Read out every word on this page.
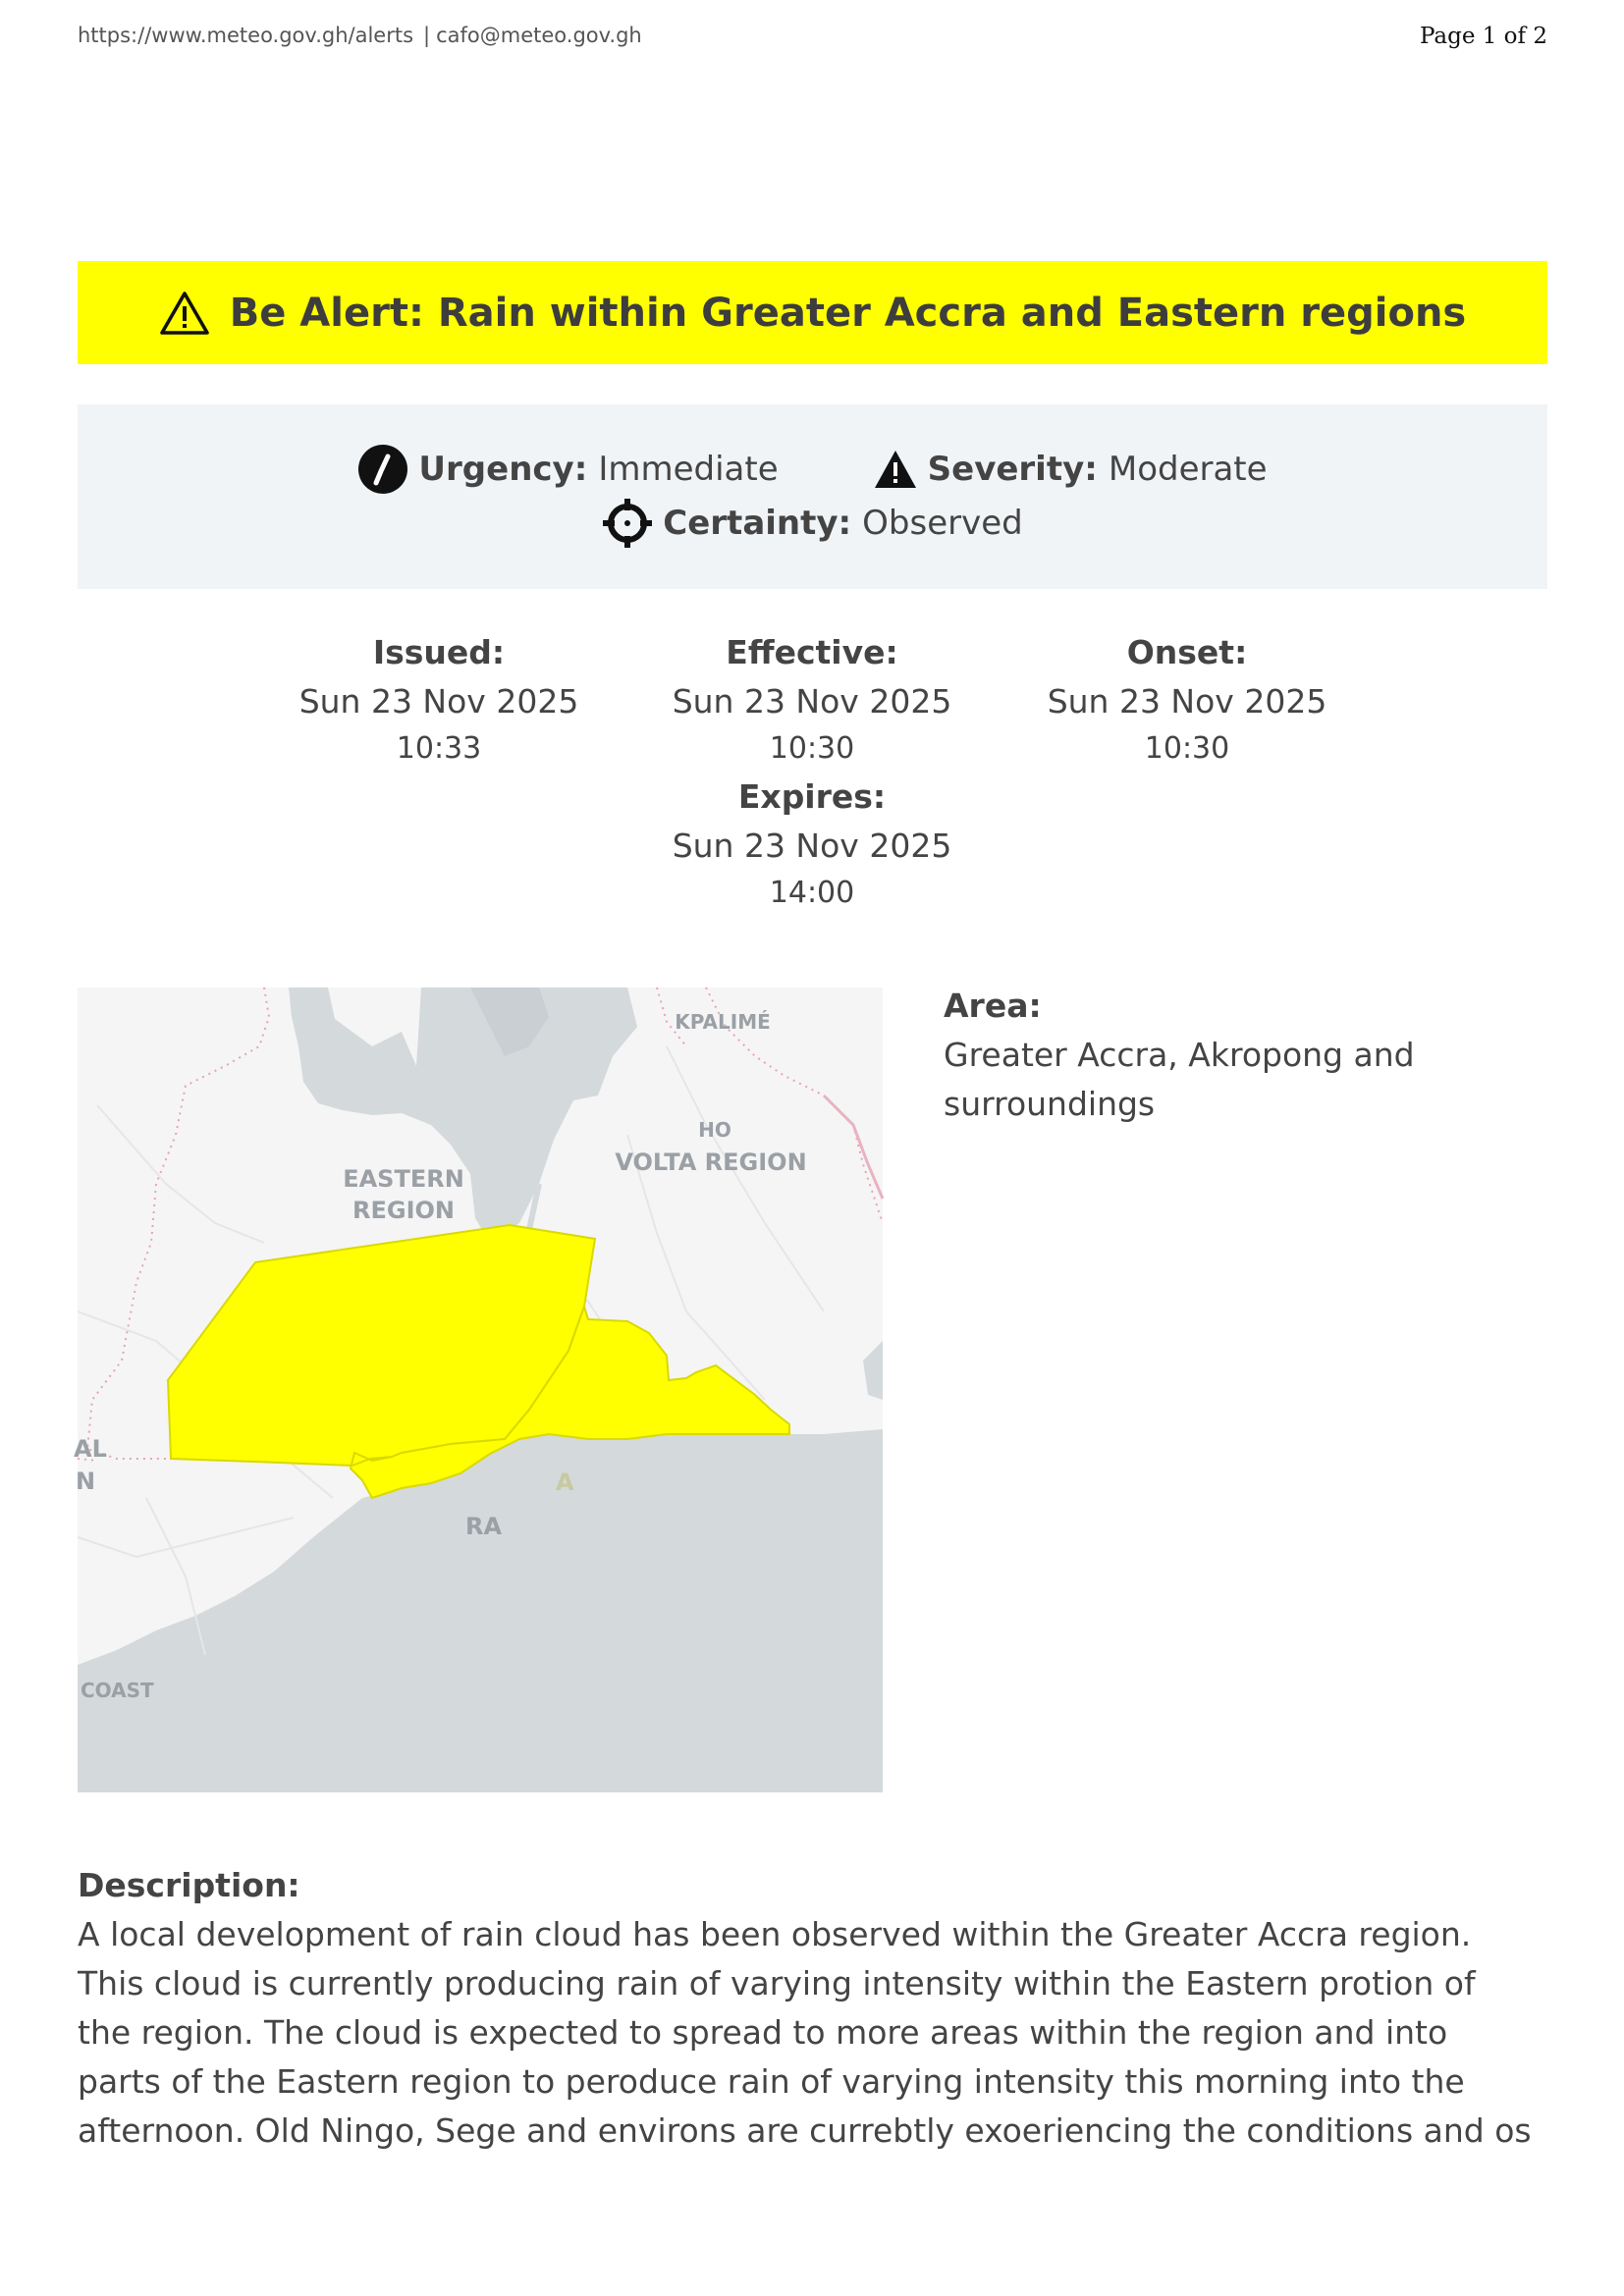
https://www.meteo.gov.gh/alerts | cafo@meteo.gov.gh	Page 1 of 2
Be Alert: Rain within Greater Accra and Eastern regions
Urgency: Immediate	Severity: Moderate
Certainty: Observed
Issued:
Sun 23 Nov 2025
10:33
Effective:
Sun 23 Nov 2025
10:30
Onset:
Sun 23 Nov 2025
10:30
Expires:
Sun 23 Nov 2025
14:00
KPALIMÉ
HO
VOLTA REGION
EASTERN
REGION
AL
N	A
RA
COAST
Area:
Greater Accra, Akropong and
surroundings
Description:

A local development of rain cloud has been observed within the Greater Accra region.

This cloud is currently producing rain of varying intensity within the Eastern protion of

the region. The cloud is expected to spread to more areas within the region and into

parts of the Eastern region to peroduce rain of varying intensity this morning into the

afternoon. Old Ningo, Sege and environs are currebtly exoeriencing the conditions and os
